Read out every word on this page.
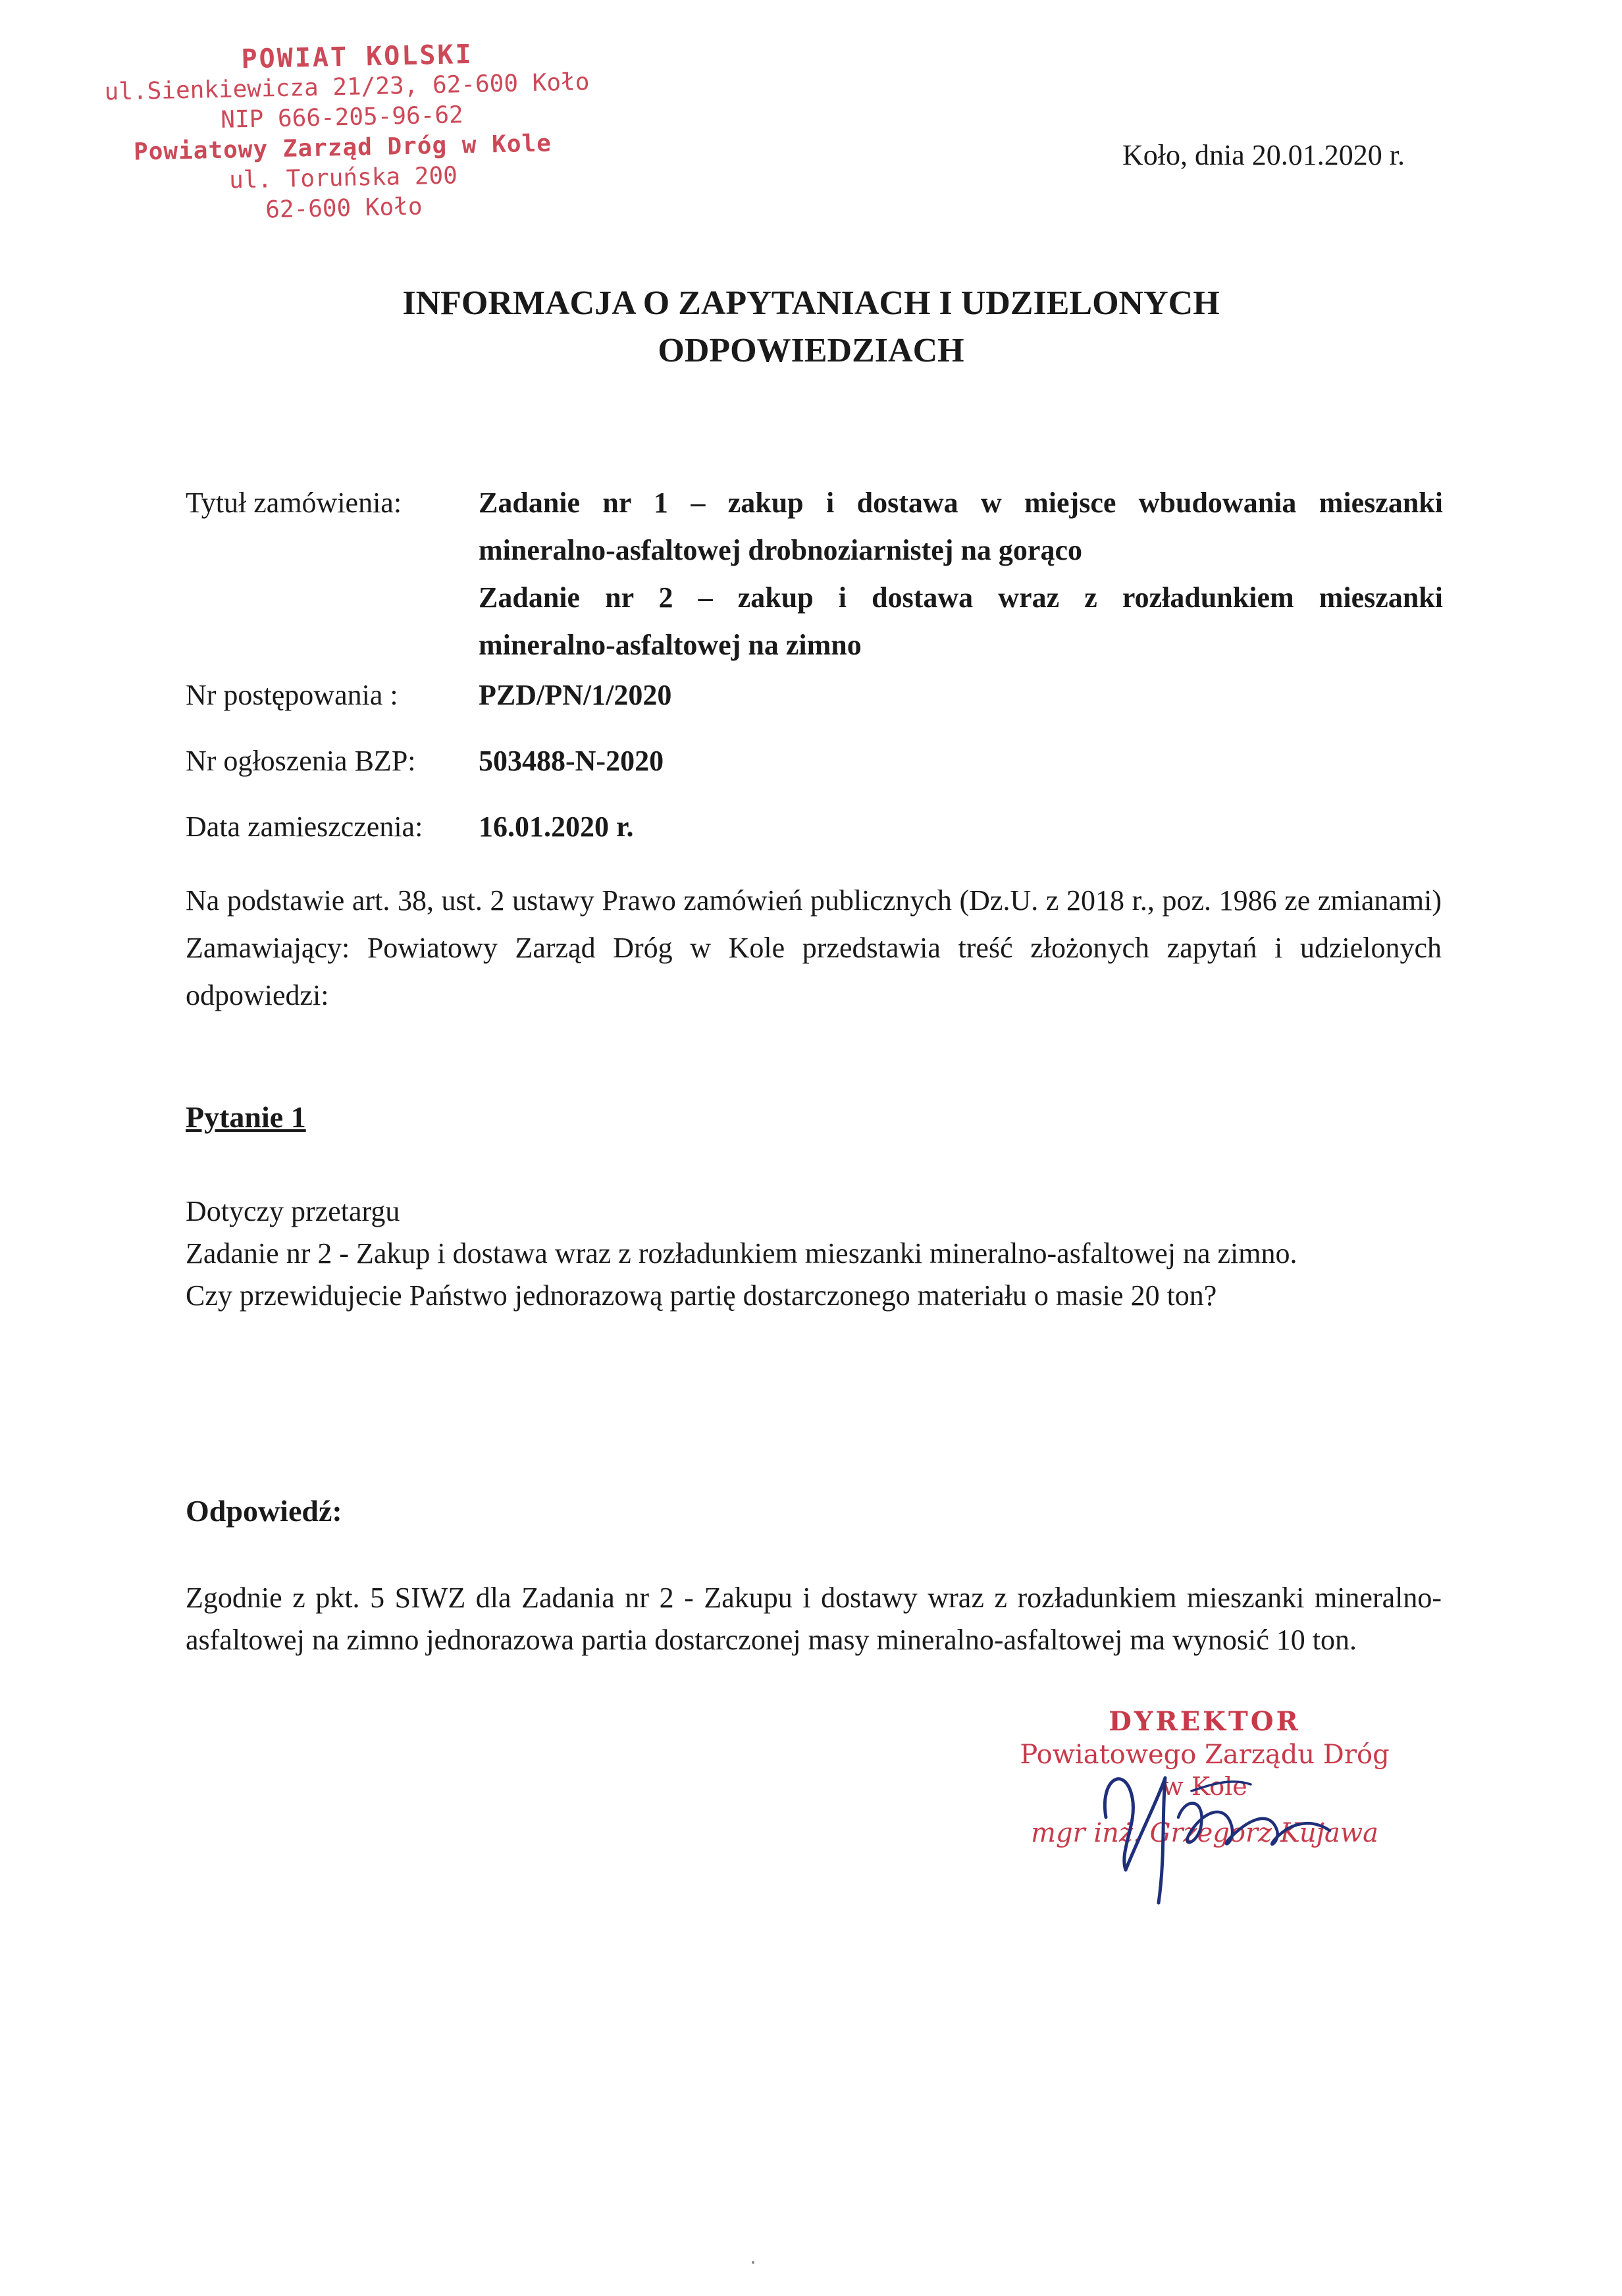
POWIAT KOLSKI
ul.Sienkiewicza 21/23, 62-600 Koło
NIP 666-205-96-62
Powiatowy Zarząd Dróg w Kole
ul. Toruńska 200
62-600 Koło
Koło, dnia 20.01.2020 r.
INFORMACJA O ZAPYTANIACH I UDZIELONYCH
ODPOWIEDZIACH
Tytuł zamówienia:	Zadanie nr 1 – zakup i dostawa w miejsce wbudowania mieszanki
mineralno-asfaltowej drobnoziarnistej na gorąco
Zadanie nr 2 – zakup i dostawa wraz z rozładunkiem mieszanki
mineralno-asfaltowej na zimno
Nr postępowania :	PZD/PN/1/2020
Nr ogłoszenia BZP:	503488-N-2020
Data zamieszczenia:	16.01.2020 r.
Na podstawie art. 38, ust. 2 ustawy Prawo zamówień publicznych (Dz.U. z 2018 r., poz. 1986 ze zmianami) Zamawiający: Powiatowy Zarząd Dróg w Kole przedstawia treść złożonych zapytań i udzielonych odpowiedzi:
Pytanie 1

Dotyczy przetargu

Zadanie nr 2 - Zakup i dostawa wraz z rozładunkiem mieszanki mineralno-asfaltowej na zimno.

Czy przewidujecie Państwo jednorazową partię dostarczonego materiału o masie 20 ton?

Odpowiedź:
Zgodnie z pkt. 5 SIWZ dla Zadania nr 2 - Zakupu i dostawy wraz z rozładunkiem mieszanki mineralno-asfaltowej na zimno jednorazowa partia dostarczonej masy mineralno-asfaltowej ma wynosić 10 ton.
DYREKTOR
Powiatowego Zarządu Dróg
w Kole
mgr inż. Grzegorz Kujawa
